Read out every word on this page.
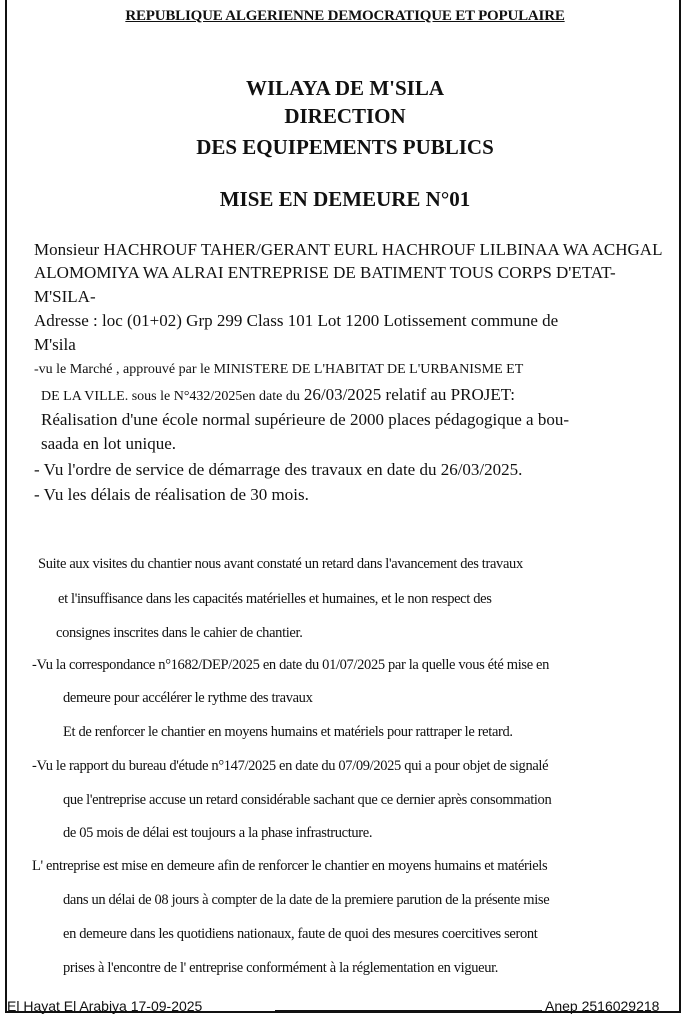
REPUBLIQUE ALGERIENNE DEMOCRATIQUE ET POPULAIRE
WILAYA DE M'SILA
DIRECTION
DES EQUIPEMENTS PUBLICS
MISE EN DEMEURE N°01
Monsieur HACHROUF TAHER/GERANT EURL HACHROUF LILBINAA WA ACHGAL
ALOMOMIYA WA ALRAI ENTREPRISE DE BATIMENT TOUS CORPS D'ETAT-
M'SILA-
Adresse : loc (01+02) Grp 299 Class 101 Lot 1200 Lotissement commune de
M'sila
-vu le Marché , approuvé par le MINISTERE DE L'HABITAT DE L'URBANISME ET
DE LA VILLE. sous le N°432/2025en date du 26/03/2025 relatif au PROJET:
Réalisation d'une école normal supérieure de 2000 places pédagogique a bou-
saada en lot unique.
- Vu l'ordre de service de démarrage des travaux en date du 26/03/2025.
- Vu les délais de réalisation de 30 mois.
Suite aux visites du chantier nous avant constaté un retard dans l'avancement des travaux
et l'insuffisance dans les capacités matérielles et humaines, et le non respect des
consignes inscrites dans le cahier de chantier.
-Vu la correspondance n°1682/DEP/2025 en date du 01/07/2025 par la quelle vous été mise en
demeure pour accélérer le rythme des travaux
Et de renforcer le chantier en moyens humains et matériels pour rattraper le retard.
-Vu le rapport du bureau d'étude n°147/2025 en date du 07/09/2025 qui a pour objet de signalé
que l'entreprise accuse un retard considérable sachant que ce dernier après consommation
de 05 mois de délai est toujours a la phase infrastructure.
L' entreprise est mise en demeure afin de renforcer le chantier en moyens humains et matériels
dans un délai de 08 jours à compter de la date de la premiere parution de la présente mise
en demeure dans les quotidiens nationaux, faute de quoi des mesures coercitives seront
prises à l'encontre de l' entreprise conformément à la réglementation en vigueur.
El Hayat El Arabiya 17-09-2025	Anep 2516029218
